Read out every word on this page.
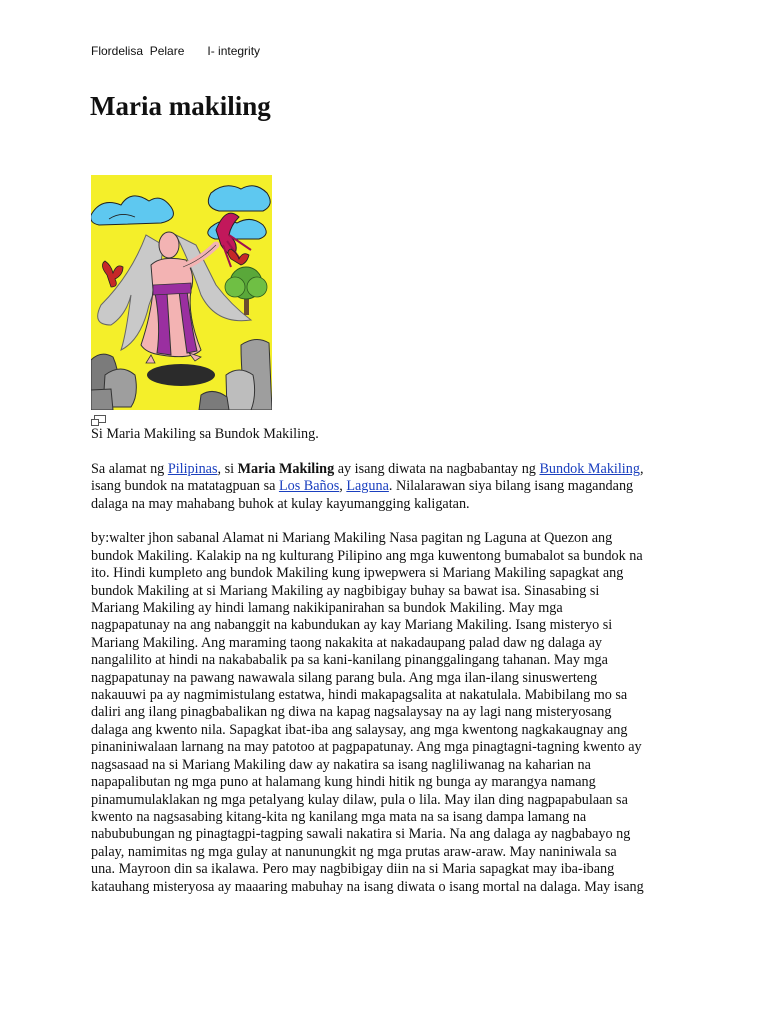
Flordelisa  Pelare I- integrity
Maria makiling

Si Maria Makiling sa Bundok Makiling.

Sa alamat ng Pilipinas, si Maria Makiling ay isang diwata na nagbabantay ng Bundok Makiling,
isang bundok na matatagpuan sa Los Baños, Laguna. Nilalarawan siya bilang isang magandang
dalaga na may mahabang buhok at kulay kayumangging kaligatan.

by:walter jhon sabanal Alamat ni Mariang Makiling Nasa pagitan ng Laguna at Quezon ang
bundok Makiling. Kalakip na ng kulturang Pilipino ang mga kuwentong bumabalot sa bundok na
ito. Hindi kumpleto ang bundok Makiling kung ipwepwera si Mariang Makiling sapagkat ang
bundok Makiling at si Mariang Makiling ay nagbibigay buhay sa bawat isa. Sinasabing si
Mariang Makiling ay hindi lamang nakikipanirahan sa bundok Makiling. May mga
nagpapatunay na ang nabanggit na kabundukan ay kay Mariang Makiling. Isang misteryo si
Mariang Makiling. Ang maraming taong nakakita at nakadaupang palad daw ng dalaga ay
nangalilito at hindi na nakababalik pa sa kani-kanilang pinanggalingang tahanan. May mga
nagpapatunay na pawang nawawala silang parang bula. Ang mga ilan-ilang sinuswerteng
nakauuwi pa ay nagmimistulang estatwa, hindi makapagsalita at nakatulala. Mabibilang mo sa
daliri ang ilang pinagbabalikan ng diwa na kapag nagsalaysay na ay lagi nang misteryosang
dalaga ang kwento nila. Sapagkat ibat-iba ang salaysay, ang mga kwentong nagkakaugnay ang
pinaniniwalaan larnang na may patotoo at pagpapatunay. Ang mga pinagtagni-tagning kwento ay
nagsasaad na si Mariang Makiling daw ay nakatira sa isang nagliliwanag na kaharian na
napapalibutan ng mga puno at halamang kung hindi hitik ng bunga ay marangya namang
pinamumulaklakan ng mga petalyang kulay dilaw, pula o lila. May ilan ding nagpapabulaan sa
kwento na nagsasabing kitang-kita ng kanilang mga mata na sa isang dampa lamang na
nabububungan ng pinagtagpi-tagping sawali nakatira si Maria. Na ang dalaga ay nagbabayo ng
palay, namimitas ng mga gulay at nanunungkit ng mga prutas araw-araw. May naniniwala sa
una. Mayroon din sa ikalawa. Pero may nagbibigay diin na si Maria sapagkat may iba-ibang
katauhang misteryosa ay maaaring mabuhay na isang diwata o isang mortal na dalaga. May isang
